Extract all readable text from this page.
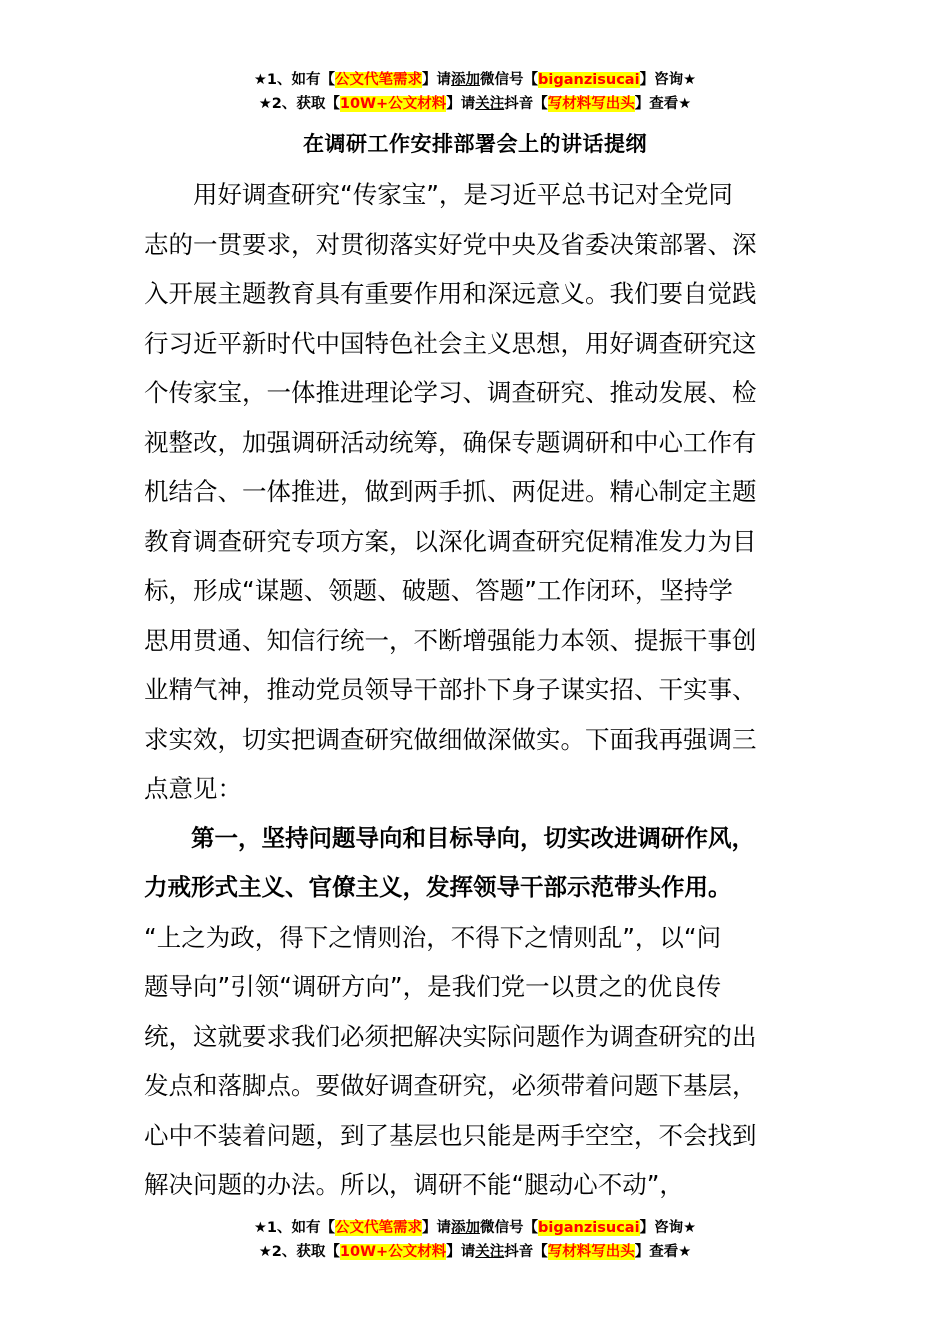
★1、如有【公文代笔需求】请添加微信号【biganzisucai】咨询★
★2、获取【10W+公文材料】请关注抖音【写材料写出头】查看★
在调研工作安排部署会上的讲话提纲
　　用好调查研究“传家宝”，是习近平总书记对全党同
志的一贯要求，对贯彻落实好党中央及省委决策部署、深
入开展主题教育具有重要作用和深远意义。我们要自觉践
行习近平新时代中国特色社会主义思想，用好调查研究这
个传家宝，一体推进理论学习、调查研究、推动发展、检
视整改，加强调研活动统筹，确保专题调研和中心工作有
机结合、一体推进，做到两手抓、两促进。精心制定主题
教育调查研究专项方案，以深化调查研究促精准发力为目
标，形成“谋题、领题、破题、答题”工作闭环，坚持学
思用贯通、知信行统一，不断增强能力本领、提振干事创
业精气神，推动党员领导干部扑下身子谋实招、干实事、
求实效，切实把调查研究做细做深做实。下面我再强调三
点意见：
　　第一，坚持问题导向和目标导向，切实改进调研作风，
力戒形式主义、官僚主义，发挥领导干部示范带头作用。
“上之为政，得下之情则治，不得下之情则乱”，以“问
题导向”引领“调研方向”，是我们党一以贯之的优良传
统，这就要求我们必须把解决实际问题作为调查研究的出
发点和落脚点。要做好调查研究，必须带着问题下基层，
心中不装着问题，到了基层也只能是两手空空，不会找到
解决问题的办法。所以，调研不能“腿动心不动”，
★1、如有【公文代笔需求】请添加微信号【biganzisucai】咨询★
★2、获取【10W+公文材料】请关注抖音【写材料写出头】查看★
